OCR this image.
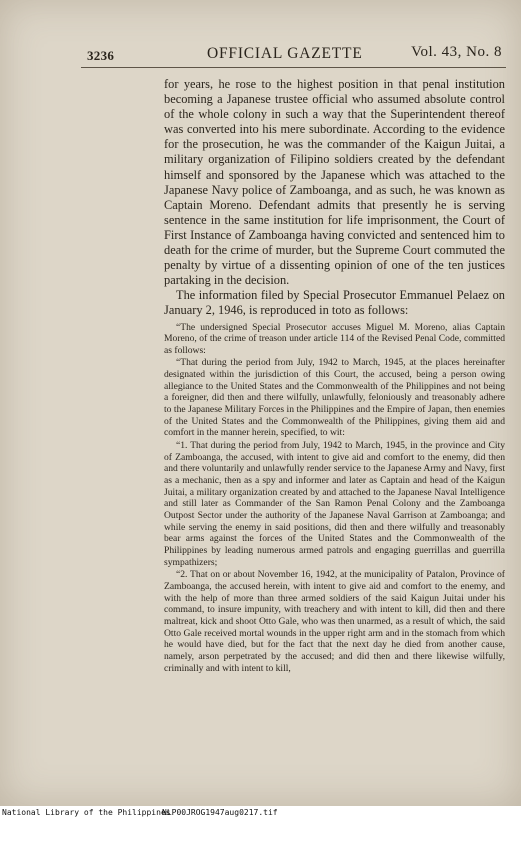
3236	OFFICIAL GAZETTE	Vol. 43, No. 8

for years, he rose to the highest position in that penal institution becoming a Japanese trustee official who assumed absolute control of the whole colony in such a way that the Superintendent thereof was converted into his mere subordinate. According to the evidence for the prosecution, he was the commander of the Kaigun Juitai, a military organization of Filipino soldiers created by the defendant himself and sponsored by the Japanese which was attached to the Japanese Navy police of Zamboanga, and as such, he was known as Captain Moreno. Defendant admits that presently he is serving sentence in the same institution for life imprisonment, the Court of First Instance of Zamboanga having convicted and sentenced him to death for the crime of murder, but the Supreme Court commuted the penalty by virtue of a dissenting opinion of one of the ten justices partaking in the decision.

The information filed by Special Prosecutor Emmanuel Pelaez on January 2, 1946, is reproduced in toto as follows:

“The undersigned Special Prosecutor accuses Miguel M. Moreno, alias Captain Moreno, of the crime of treason under article 114 of the Revised Penal Code, committed as follows:

“That during the period from July, 1942 to March, 1945, at the places hereinafter designated within the jurisdiction of this Court, the accused, being a person owing allegiance to the United States and the Commonwealth of the Philippines and not being a foreigner, did then and there wilfully, unlawfully, feloniously and treasonably adhere to the Japanese Military Forces in the Philippines and the Empire of Japan, then enemies of the United States and the Commonwealth of the Philippines, giving them aid and comfort in the manner herein, specified, to wit:

“1. That during the period from July, 1942 to March, 1945, in the province and City of Zamboanga, the accused, with intent to give aid and comfort to the enemy, did then and there voluntarily and unlawfully render service to the Japanese Army and Navy, first as a mechanic, then as a spy and informer and later as Captain and head of the Kaigun Juitai, a military organization created by and attached to the Japanese Naval Intelligence and still later as Commander of the San Ramon Penal Colony and the Zamboanga Outpost Sector under the authority of the Japanese Naval Garrison at Zamboanga; and while serving the enemy in said positions, did then and there wilfully and treasonably bear arms against the forces of the United States and the Commonwealth of the Philippines by leading numerous armed patrols and engaging guerrillas and guerrilla sympathizers;

“2. That on or about November 16, 1942, at the municipality of Patalon, Province of Zamboanga, the accused herein, with intent to give aid and comfort to the enemy, and with the help of more than three armed soldiers of the said Kaigun Juitai under his command, to insure impunity, with treachery and with intent to kill, did then and there maltreat, kick and shoot Otto Gale, who was then unarmed, as a result of which, the said Otto Gale received mortal wounds in the upper right arm and in the stomach from which he would have died, but for the fact that the next day he died from another cause, namely, arson perpetrated by the accused; and did then and there likewise wilfully, criminally and with intent to kill,

National Library of the Philippines

NLP00JROG1947aug0217.tif
